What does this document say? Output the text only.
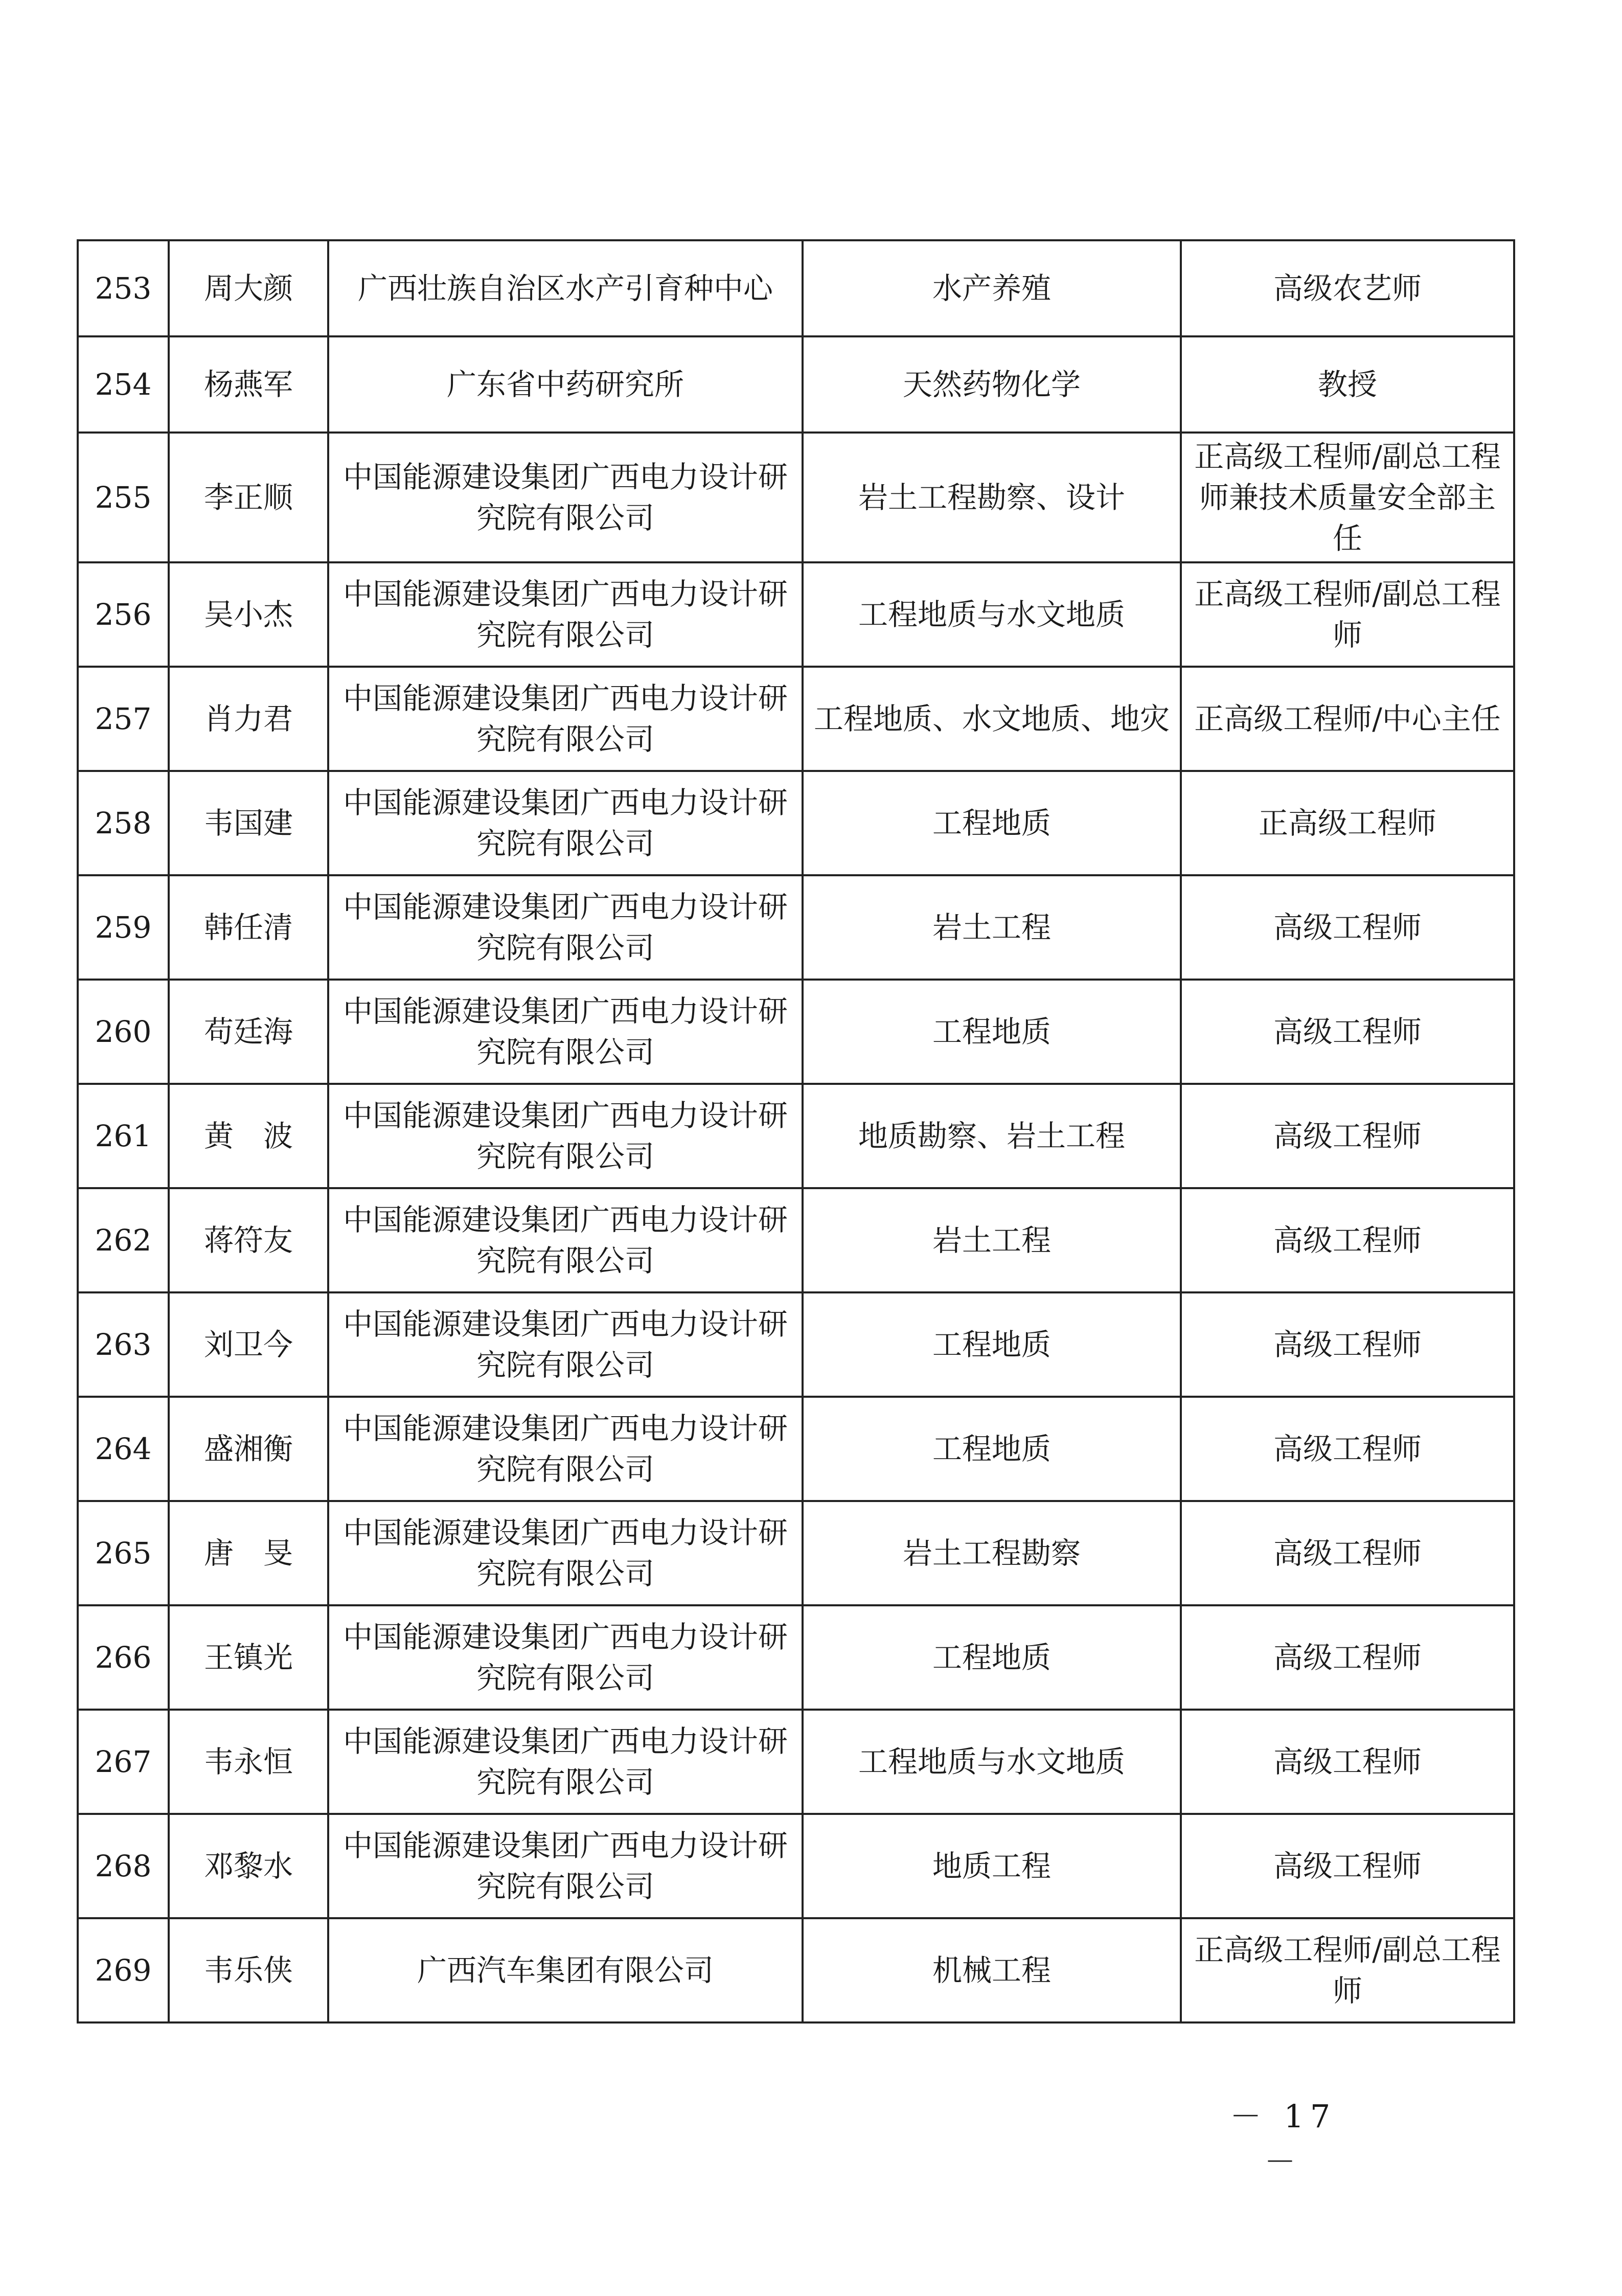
253	周大颜	广西壮族自治区水产引育种中心	水产养殖	高级农艺师
254	杨燕军	广东省中药研究所	天然药物化学	教授
255	李正顺	中国能源建设集团广西电力设计研究院有限公司	岩土工程勘察、设计	正高级工程师/副总工程师兼技术质量安全部主任
256	吴小杰	中国能源建设集团广西电力设计研究院有限公司	工程地质与水文地质	正高级工程师/副总工程师
257	肖力君	中国能源建设集团广西电力设计研究院有限公司	工程地质、水文地质、地灾	正高级工程师/中心主任
258	韦国建	中国能源建设集团广西电力设计研究院有限公司	工程地质	正高级工程师
259	韩任清	中国能源建设集团广西电力设计研究院有限公司	岩土工程	高级工程师
260	苟廷海	中国能源建设集团广西电力设计研究院有限公司	工程地质	高级工程师
261	黄　波	中国能源建设集团广西电力设计研究院有限公司	地质勘察、岩土工程	高级工程师
262	蒋符友	中国能源建设集团广西电力设计研究院有限公司	岩土工程	高级工程师
263	刘卫今	中国能源建设集团广西电力设计研究院有限公司	工程地质	高级工程师
264	盛湘衡	中国能源建设集团广西电力设计研究院有限公司	工程地质	高级工程师
265	唐　旻	中国能源建设集团广西电力设计研究院有限公司	岩土工程勘察	高级工程师
266	王镇光	中国能源建设集团广西电力设计研究院有限公司	工程地质	高级工程师
267	韦永恒	中国能源建设集团广西电力设计研究院有限公司	工程地质与水文地质	高级工程师
268	邓黎水	中国能源建设集团广西电力设计研究院有限公司	地质工程	高级工程师
269	韦乐侠	广西汽车集团有限公司	机械工程	正高级工程师/副总工程师
－ 17 －
